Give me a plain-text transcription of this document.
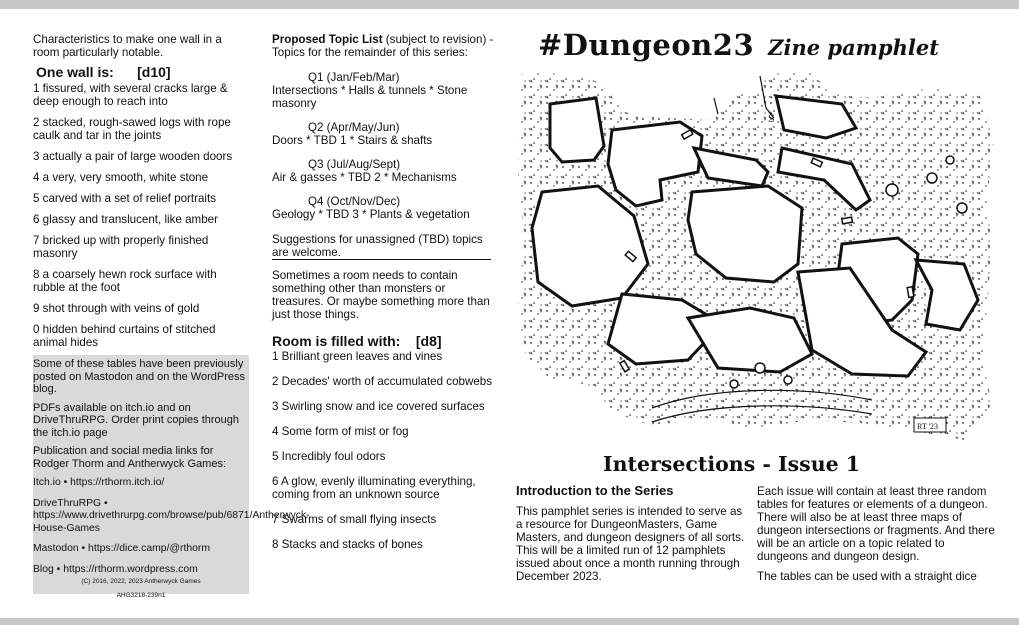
Characteristics to make one wall in a room particularly notable.

One wall is:      [d10]

1 fissured, with several cracks large & deep enough to reach into

2 stacked, rough-sawed logs with rope caulk and tar in the joints

3 actually a pair of large wooden doors

4 a very, very smooth, white stone

5 carved with a set of relief portraits

6 glassy and translucent, like amber

7 bricked up with properly finished masonry

8 a coarsely hewn rock surface with rubble at the foot

9 shot through with veins of gold

0 hidden behind curtains of stitched animal hides

Some of these tables have been previously posted on Mastodon and on the WordPress blog.

PDFs available on itch.io and on DriveThruRPG. Order print copies through the itch.io page

Publication and social media links for Rodger Thorm and Antherwyck Games:

Itch.io • https://rthorm.itch.io/

DriveThruRPG • https://www.drivethrurpg.com/browse/pub/6871/Antherwyck-House-Games

Mastodon • https://dice.camp/@rthorm

Blog • https://rthorm.wordpress.com

(C) 2016, 2022, 2023 Antherwyck Games

AHG3218-239n1

Proposed Topic List (subject to revision) - Topics for the remainder of this series:

Q1 (Jan/Feb/Mar)

Intersections * Halls & tunnels * Stone masonry

Q2 (Apr/May/Jun)

Doors * TBD 1 * Stairs & shafts

Q3 (Jul/Aug/Sept)

Air & gasses * TBD 2 * Mechanisms

Q4 (Oct/Nov/Dec)

Geology * TBD 3 * Plants & vegetation

Suggestions for unassigned (TBD) topics are welcome.

Sometimes a room needs to contain something other than monsters or treasures. Or maybe something more than just those things.

Room is filled with:    [d8]

1 Brilliant green leaves and vines

2 Decades' worth of accumulated cobwebs

3 Swirling snow and ice covered surfaces

4 Some form of mist or fog

5 Incredibly foul odors

6 A glow, evenly illuminating everything, coming from an unknown source

7 Swarms of small flying insects

8 Stacks and stacks of bones

#Dungeon23 Zine pamphlet
S
RT '23
Intersections - Issue 1

Introduction to the Series

This pamphlet series is intended to serve as a resource for DungeonMasters, Game Masters, and dungeon designers of all sorts. This will be a limited run of 12 pamphlets issued about once a month running through December 2023.

Each issue will contain at least three random tables for features or elements of a dungeon. There will also be at least three maps of dungeon intersections or fragments. And there will be an article on a topic related to dungeons and dungeon design.

The tables can be used with a straight dice
